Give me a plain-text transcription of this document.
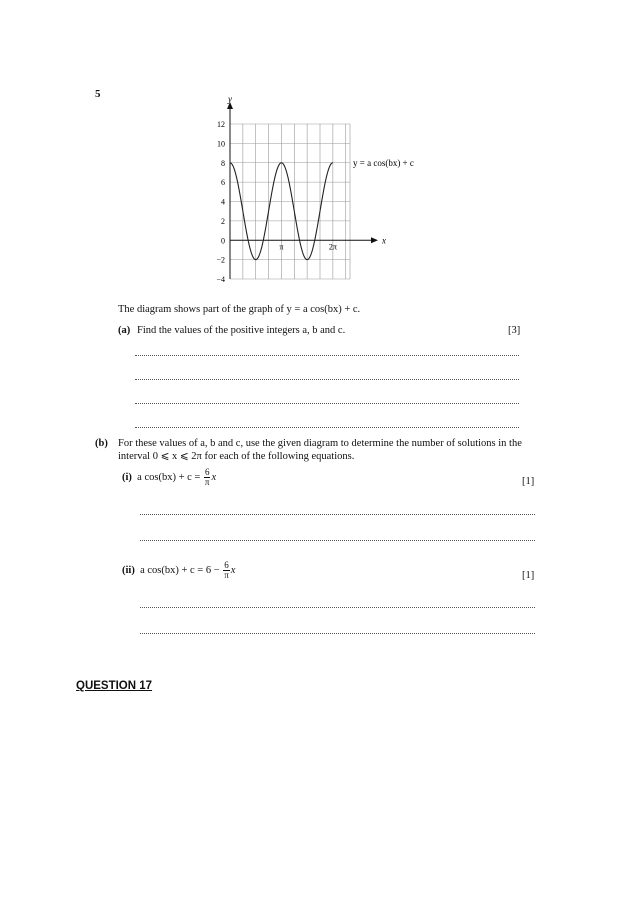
5
12
10
8
6
4
2
0
−2
−4
π	2π
y
x
y = a cos(bx) + c
The diagram shows part of the graph of y = a cos(bx) + c.
(a) Find the values of the positive integers a, b and c.	[3]
(b) For these values of a, b and c, use the given diagram to determine the number of solutions in the
interval 0 ⩽ x ⩽ 2π for each of the following equations.
(i) a $\cos(bx) + c = \frac{6}{\pi}$ x	[1]
(ii) a $\cos(bx) + c = 6 - \frac{6}{\pi}$ x	[1]
QUESTION 17
